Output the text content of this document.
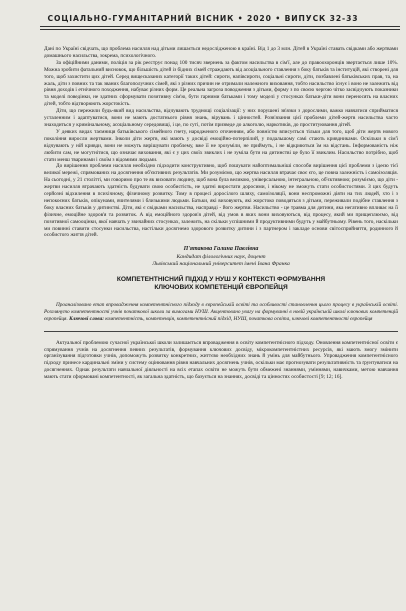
СОЦІАЛЬНО-ГУМАНІТАРНИЙ ВІСНИК • 2020 • ВИПУСК 32-33

Дані по Україні свідчать, що проблема насилля над дітьми лишається недослідженою в країні. Від 1 до 3 млн. Дітей в Україні ставать свідками або жертвами домашнього насильства, зокрема, психологічного.

За офіційними даними, поліція за рік реєструє понад 100 тисяч звернень за фактом насильства в сім'ї, але до правоохоронців звертається лише 10%. Можна зробити фатальний висновок, що більшість дітей із бідних сімей страждають від асоціального ставлення з боку батьків та інституцій, які створені для того, щоб захистити цих дітей. Серед вищесказаних категорії таких дітей: сироти, напівсироти, соціальні сироти, діти, позбавлені батьківських прав, та, на жаль, діти з повних та так званих благополучних сімей, які з різних причин не отримали належного виховання, тобто насильство існує і воно не залежить від рівня доходів і етнічного походження, набуває різних форм. Це реальна загроза поводження з дітьми, форму з по своєю чергою чітко засвідчують показники та моделі поведінки, не здатних сформувати позитивну сім'ю, бути гарними батьками і тому моделі у стосунках батьки-діти вони переносять на власних дітей, тобто відтворюють жорстокість.

Діти, що пережили будь-який вид насильства, відчувають труднощі соціалізації: у них порушені зв'язки з дорослими, важко навчатися сприйматися усталенним і адаптуватися, вони не мають достатнього рівня знань, вірувань і цінностей. Розв'язання цієї проблеми дітей-жертв насильства часто знаходиться у кримінальному, асоціальному середовищі, і це, по суті, потім призведе до алкоголю, наркотиків, до проституювання дітей.

У деяких видах таємниця батьківського сімейного гнету, народженого оточенням, або повністю вписується тільки для того, щоб діти жертв нового покоління виросли жертвами. Інколи діти жертв, які мають у досвіді емоційно-потерпілий, у подальшому самі стають кривдниками. Оскільки в сім'ї відчувають у ній кривди, вони не можуть вирішувати проблему, вже її не зрозуміли, не приймуть, і не відкриються їм на відстань. Інформованість ніж любити сам, не могутнітися, що означає виховання, які є у цих своїх звиклих і не зуміла бути на дитинстві це було її звиклим. Насильство потрібно, щоб стати менш тваринами і своїм з відомими людьми.

До вирішення проблеми насилля необхідно підходити конструктивно, щоб пошукати найоптимальніші способи вирішення цієї проблеми з ідеєю тієї великої мережі, спрямованих на досягнення об'єктивних результатів. Ми розуміємо, що жертва насилля втрачає своє єго, це повна залежність і самоізоляція. На сьогодні, у 21 столітті, ми говоримо про те як виховати людину, щоб вона була великою, універсальною, інтегральною, об'єктивною; розуміємо, що діти - жертви насилля втрачають здатність будувати свою особистість, не здатні виростати доросими, і нікому не зможуть стати особистостями. З цих будуть серйозні відхилення в психічному, фізичному розвитку. Тому в процесі доросілого шляху, самоізоляції, вони неспроможні діяти на тих людей, хто і з непокоєних батьків, опікунами, вчителями і близькими людьми. Батьки, які виховують, які жорстоко поводяться з дітьми, переживали подібне ставлення з боку власних батьків у дитинстві. Діти, які є свідками насильства, насправді - його жертви. Насильство - це травма для дитини, яка негативно впливає на її фізичне, емоційне здоров'я та розвиток. А від емоційного здоров'я дітей, від умов в яких вони виховуються, від процесу, який ми прищеплюємо, від позитивної самооцінки, якої навчать у звичайних стосунках, залежить, на скільки успішними й продуктивними будуть у майбутньому. Рівень того, наскільки ми повинні ставити стосунки насильства, настільки досягнемо здорового розвитку дитини і з партнером і закладе основи світосприйняття, родинного й особистого життя дітей.

П'ятакова Галина Павлівна
Кандидат філологічних наук, доцент
Львівський національний університет імені Івана Франка
КОМПЕТЕНТНІСНИЙ ПІДХІД У НУШ У КОНТЕКСТІ ФОРМУВАННЯ
КЛЮЧОВИХ КОМПЕТЕНЦІЙ ЄВРОПЕЙЦЯ

Проаналізовано етап впровадження компетентнісного підходу в європейській освіті та особливості становлення цього процесу в українській освіті. Розглянуто компетентності учнів початкової школи за вимогами НУШ. Акцентовано увагу на формуванні в новій українській школі ключових компетенцій європейця. Ключові слова: компетентність, компетенція, компетентнісний підхід, НУШ, початкова освіта, ключові компетентності європейця

Актуальної проблемою сучасної української школи залишається впровадження в освіту компетентнісного підходу. Оновлення компетентнісної освіти є спрямування учнів на досягнення певних результатів, формування ключових досвіду, мікрокомпетентністних ресурсів, які мають змогу змінити організування підготовки учнів, допоможуть розвитку конкретних, життєво необхідних знань й умінь для майбутнього. Упровадження компетентнісного підходу принесе кардинальні зміни у систему оцінювання рівня навчальних досягнень учнів, оскільки має прогнозувати результативність та ґрунтуватися на досягненнях. Однак результати навчальної діяльності на всіх етапах освіти не можуть бути обмежені знаннями, уміннями, навичками, метою навчання мають стати сформовані компетентності, як загальна здатність, що базується на знаннях, досвіді та цінностях особистості [9; 12; 16].
